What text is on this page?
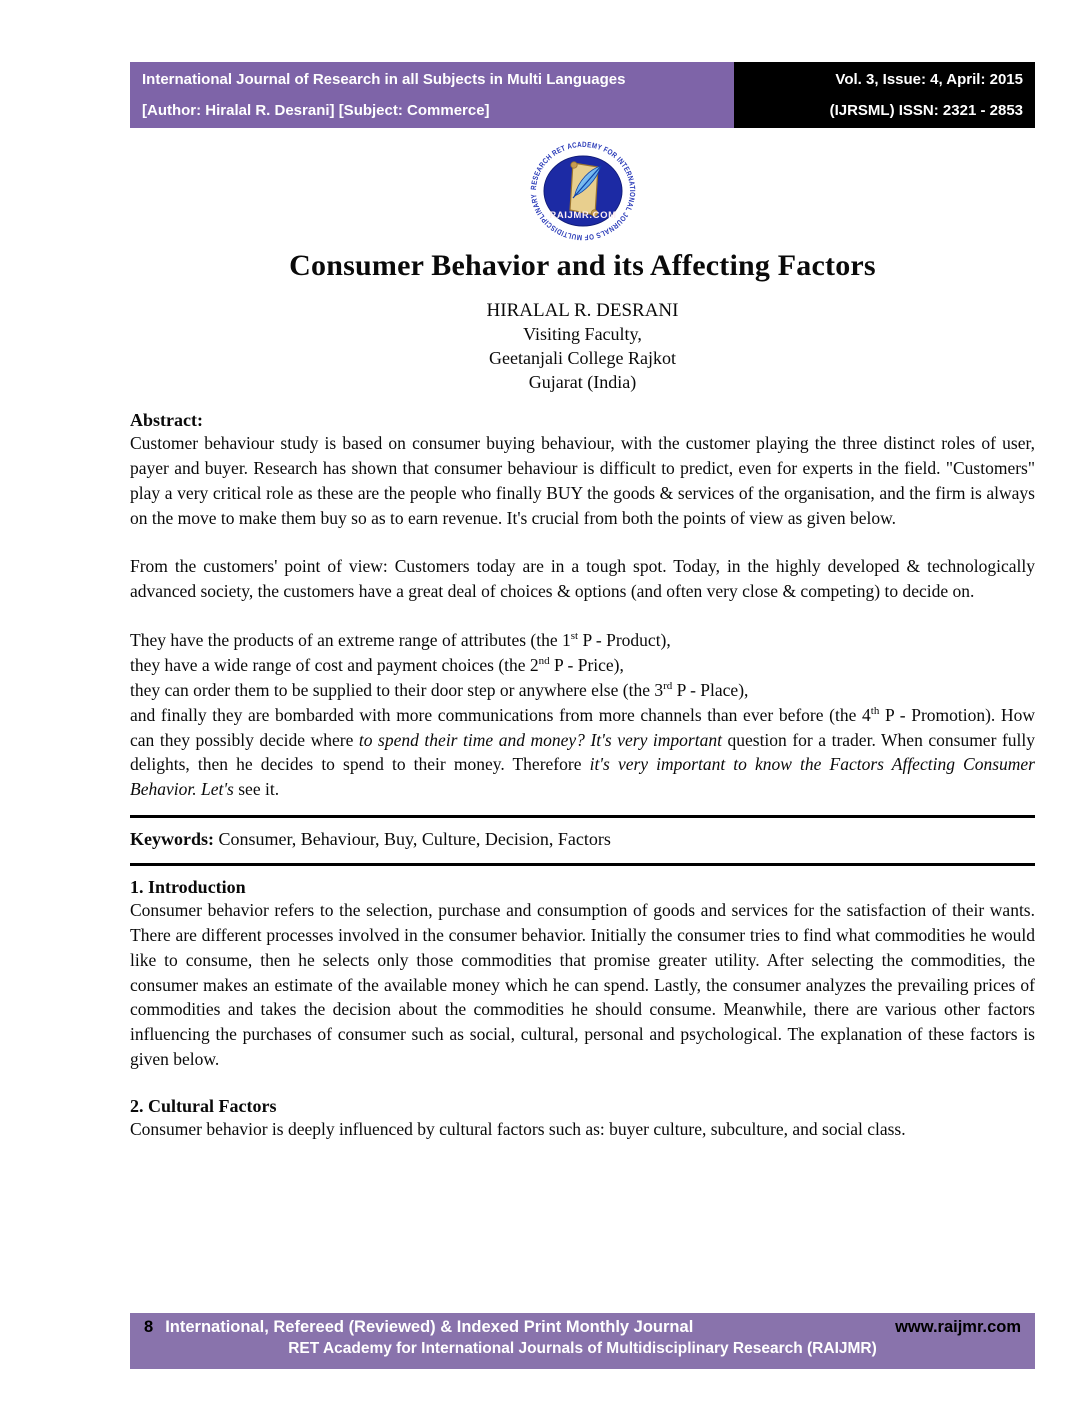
International Journal of Research in all Subjects in Multi Languages
[Author: Hiralal R. Desrani] [Subject: Commerce]
Vol. 3, Issue: 4, April: 2015
(IJRSML) ISSN: 2321 - 2853
RESEARCH RET ACADEMY FOR INTERNATIONAL JOURNALS OF MULTIDISCIPLINARY
RAIJMR.COM
Consumer Behavior and its Affecting Factors
HIRALAL R. DESRANI
Visiting Faculty,
Geetanjali College Rajkot
Gujarat (India)
Abstract:

Customer behaviour study is based on consumer buying behaviour, with the customer playing the three distinct roles of user, payer and buyer. Research has shown that consumer behaviour is difficult to predict, even for experts in the field. "Customers" play a very critical role as these are the people who finally BUY the goods & services of the organisation, and the firm is always on the move to make them buy so as to earn revenue. It's crucial from both the points of view as given below.

From the customers' point of view: Customers today are in a tough spot. Today, in the highly developed & technologically advanced society, the customers have a great deal of choices & options (and often very close & competing) to decide on.

They have the products of an extreme range of attributes (the 1st P - Product),
they have a wide range of cost and payment choices (the 2nd P - Price),
they can order them to be supplied to their door step or anywhere else (the 3rd P - Place),

and finally they are bombarded with more communications from more channels than ever before (the 4th P - Promotion). How can they possibly decide where to spend their time and money? It's very important question for a trader. When consumer fully delights, then he decides to spend to their money. Therefore it's very important to know the Factors Affecting Consumer Behavior. Let's see it.

Keywords: Consumer, Behaviour, Buy, Culture, Decision, Factors
1. Introduction

Consumer behavior refers to the selection, purchase and consumption of goods and services for the satisfaction of their wants. There are different processes involved in the consumer behavior. Initially the consumer tries to find what commodities he would like to consume, then he selects only those commodities that promise greater utility. After selecting the commodities, the consumer makes an estimate of the available money which he can spend. Lastly, the consumer analyzes the prevailing prices of commodities and takes the decision about the commodities he should consume. Meanwhile, there are various other factors influencing the purchases of consumer such as social, cultural, personal and psychological. The explanation of these factors is given below.

2. Cultural Factors

Consumer behavior is deeply influenced by cultural factors such as: buyer culture, subculture, and social class.

8 International, Refereed (Reviewed) & Indexed Print Monthly Journal	www.raijmr.com
RET Academy for International Journals of Multidisciplinary Research (RAIJMR)
